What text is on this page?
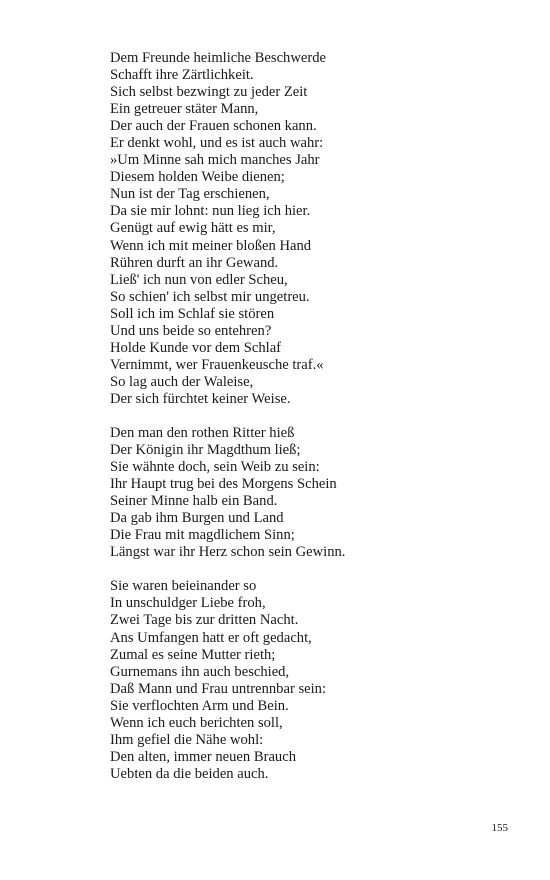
Dem Freunde heimliche Beschwerde
Schafft ihre Zärtlichkeit.
Sich selbst bezwingt zu jeder Zeit
Ein getreuer stäter Mann,
Der auch der Frauen schonen kann.
Er denkt wohl, und es ist auch wahr:
»Um Minne sah mich manches Jahr
Diesem holden Weibe dienen;
Nun ist der Tag erschienen,
Da sie mir lohnt: nun lieg ich hier.
Genügt auf ewig hätt es mir,
Wenn ich mit meiner bloßen Hand
Rühren durft an ihr Gewand.
Ließ' ich nun von edler Scheu,
So schien' ich selbst mir ungetreu.
Soll ich im Schlaf sie stören
Und uns beide so entehren?
Holde Kunde vor dem Schlaf
Vernimmt, wer Frauenkeusche traf.«
So lag auch der Waleise,
Der sich fürchtet keiner Weise.
Den man den rothen Ritter hieß
Der Königin ihr Magdthum ließ;
Sie wähnte doch, sein Weib zu sein:
Ihr Haupt trug bei des Morgens Schein
Seiner Minne halb ein Band.
Da gab ihm Burgen und Land
Die Frau mit magdlichem Sinn;
Längst war ihr Herz schon sein Gewinn.
Sie waren beieinander so
In unschuldger Liebe froh,
Zwei Tage bis zur dritten Nacht.
Ans Umfangen hatt er oft gedacht,
Zumal es seine Mutter rieth;
Gurnemans ihn auch beschied,
Daß Mann und Frau untrennbar sein:
Sie verflochten Arm und Bein.
Wenn ich euch berichten soll,
Ihm gefiel die Nähe wohl:
Den alten, immer neuen Brauch
Uebten da die beiden auch.
155
